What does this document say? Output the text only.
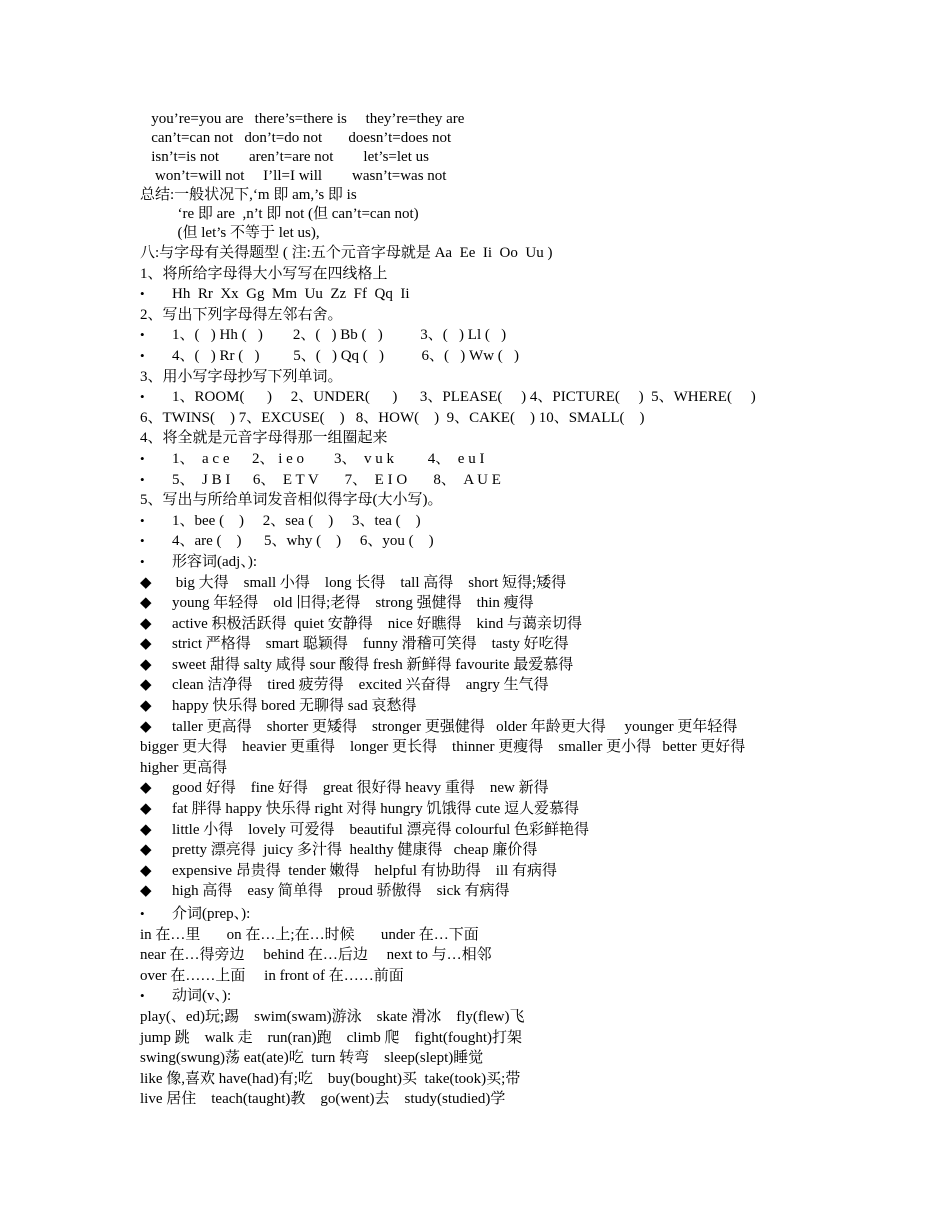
you’re=you are   there’s=there is     they’re=they are
can’t=can not   don’t=do not       doesn’t=does not
isn’t=is not        aren’t=are not        let’s=let us
won’t=will not     I’ll=I will        wasn’t=was not
总结:一般状况下,‘m 即 am,’s 即 is
‘re 即 are  ,n’t 即 not (但 can’t=can not)
(但 let’s 不等于 let us),
八:与字母有关得题型 ( 注:五个元音字母就是 Aa  Ee  Ii  Oo  Uu )
1、将所给字母得大小写写在四线格上
•	Hh  Rr  Xx  Gg  Mm  Uu  Zz  Ff  Qq  Ii
2、写出下列字母得左邻右舍。
•	1、(   ) Hh (   )        2、(   ) Bb (   )          3、(   ) Ll (   )
•	4、(   ) Rr (   )         5、(   ) Qq (   )          6、(   ) Ww (   )
3、用小写字母抄写下列单词。
•	1、ROOM(      )     2、UNDER(      )      3、PLEASE(     ) 4、PICTURE(     )  5、WHERE(     )
6、TWINS(    ) 7、EXCUSE(    )   8、HOW(    )  9、CAKE(    ) 10、SMALL(    )
4、将全就是元音字母得那一组圈起来
•	1、  a c e      2、 i e o        3、  v u k         4、  e u I
•	5、  J B I      6、  E T V       7、  E I O       8、  A U E
5、写出与所给单词发音相似得字母(大小写)。
•	1、bee (    )     2、sea (    )     3、tea (    )
•	4、are (    )      5、why (    )     6、you (    )
•	形容词(adj、):
◆	big 大得    small 小得    long 长得    tall 高得    short 短得;矮得
◆	young 年轻得    old 旧得;老得    strong 强健得    thin 瘦得
◆	active 积极活跃得  quiet 安静得    nice 好瞧得    kind 与蔼亲切得
◆	strict 严格得    smart 聪颖得    funny 滑稽可笑得    tasty 好吃得
◆	sweet 甜得 salty 咸得 sour 酸得 fresh 新鲜得 favourite 最爱慕得
◆	clean 洁净得    tired 疲劳得    excited 兴奋得    angry 生气得
◆	happy 快乐得 bored 无聊得 sad 哀愁得
◆	taller 更高得    shorter 更矮得    stronger 更强健得   older 年龄更大得     younger 更年轻得
bigger 更大得    heavier 更重得    longer 更长得    thinner 更瘦得    smaller 更小得   better 更好得
higher 更高得
◆	good 好得    fine 好得    great 很好得 heavy 重得    new 新得
◆	fat 胖得 happy 快乐得 right 对得 hungry 饥饿得 cute 逗人爱慕得
◆	little 小得    lovely 可爱得    beautiful 漂亮得 colourful 色彩鲜艳得
◆	pretty 漂亮得  juicy 多汁得  healthy 健康得   cheap 廉价得
◆	expensive 昂贵得  tender 嫩得    helpful 有协助得    ill 有病得
◆	high 高得    easy 简单得    proud 骄傲得    sick 有病得
•	介词(prep、):
in 在…里       on 在…上;在…时候       under 在…下面
near 在…得旁边     behind 在…后边     next to 与…相邻
over 在……上面     in front of 在……前面
•	动词(v、):
play(、ed)玩;踢    swim(swam)游泳    skate 滑冰    fly(flew)飞
jump 跳    walk 走    run(ran)跑    climb 爬    fight(fought)打架
swing(swung)荡 eat(ate)吃  turn 转弯    sleep(slept)睡觉
like 像,喜欢 have(had)有;吃    buy(bought)买  take(took)买;带
live 居住    teach(taught)教    go(went)去    study(studied)学
